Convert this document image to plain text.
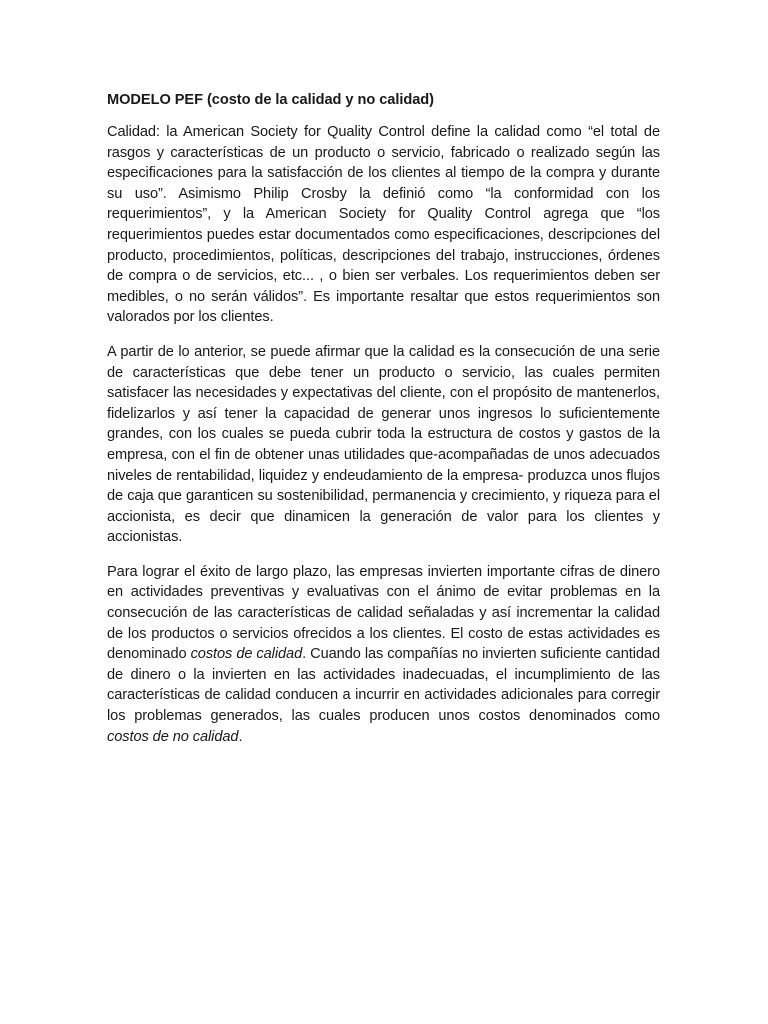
MODELO PEF (costo de la calidad y no calidad)

Calidad: la American Society for Quality Control define la calidad como “el total de rasgos y características de un producto o servicio, fabricado o realizado según las especificaciones para la satisfacción de los clientes al tiempo de la compra y durante su uso”. Asimismo Philip Crosby la definió como “la conformidad con los requerimientos”, y la American Society for Quality Control agrega que “los requerimientos puedes estar documentados como especificaciones, descripciones del producto, procedimientos, políticas, descripciones del trabajo, instrucciones, órdenes de compra o de servicios, etc... , o bien ser verbales. Los requerimientos deben ser medibles, o no serán válidos”. Es importante resaltar que estos requerimientos son valorados por los clientes.

A partir de lo anterior, se puede afirmar que la calidad es la consecución de una serie de características que debe tener un producto o servicio, las cuales permiten satisfacer las necesidades y expectativas del cliente, con el propósito de mantenerlos, fidelizarlos y así tener la capacidad de generar unos ingresos lo suficientemente grandes, con los cuales se pueda cubrir toda la estructura de costos y gastos de la empresa, con el fin de obtener unas utilidades que-acompañadas de unos adecuados niveles de rentabilidad, liquidez y endeudamiento de la empresa- produzca unos flujos de caja que garanticen su sostenibilidad, permanencia y crecimiento, y riqueza para el accionista, es decir que dinamicen la generación de valor para los clientes y accionistas.

Para lograr el éxito de largo plazo, las empresas invierten importante cifras de dinero en actividades preventivas y evaluativas con el ánimo de evitar problemas en la consecución de las características de calidad señaladas y así incrementar la calidad de los productos o servicios ofrecidos a los clientes. El costo de estas actividades es denominado costos de calidad. Cuando las compañías no invierten suficiente cantidad de dinero o la invierten en las actividades inadecuadas, el incumplimiento de las características de calidad conducen a incurrir en actividades adicionales para corregir los problemas generados, las cuales producen unos costos denominados como costos de no calidad.
